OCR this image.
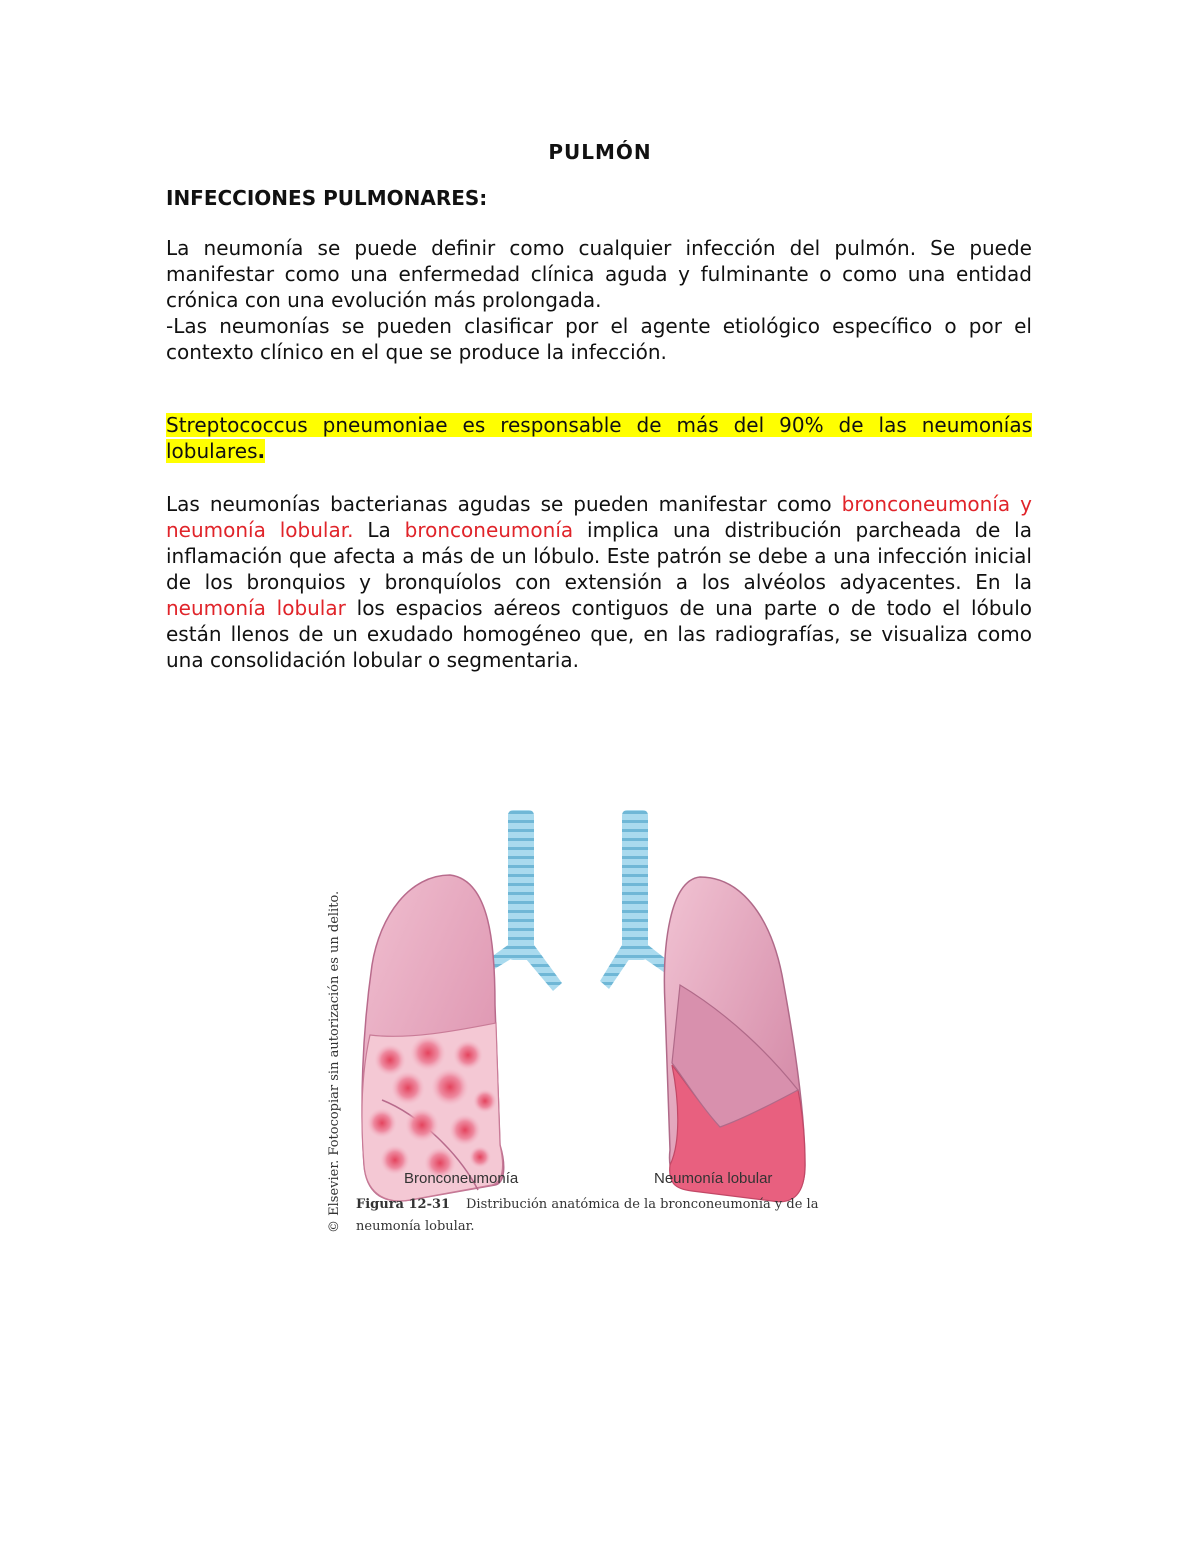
PULMÓN
INFECCIONES PULMONARES:

La neumonía se puede definir como cualquier infección del pulmón. Se puede manifestar como una enfermedad clínica aguda y fulminante o como una entidad crónica con una evolución más prolongada.

-Las neumonías se pueden clasificar por el agente etiológico específico o por el contexto clínico en el que se produce la infección.

Streptococcus pneumoniae es responsable de más del 90% de las neumonías lobulares.

Las neumonías bacterianas agudas se pueden manifestar como bronconeumonía y neumonía lobular. La bronconeumonía implica una distribución parcheada de la inflamación que afecta a más de un lóbulo. Este patrón se debe a una infección inicial de los bronquios y bronquíolos con extensión a los alvéolos adyacentes. En la neumonía lobular los espacios aéreos contiguos de una parte o de todo el lóbulo están llenos de un exudado homogéneo que, en las radiografías, se visualiza como una consolidación lobular o segmentaria.

Bronconeumonía	Neumonía lobular
Figura 12-31 Distribución anatómica de la bronconeumonía y de la
neumonía lobular.
© Elsevier. Fotocopiar sin autorización es un delito.
